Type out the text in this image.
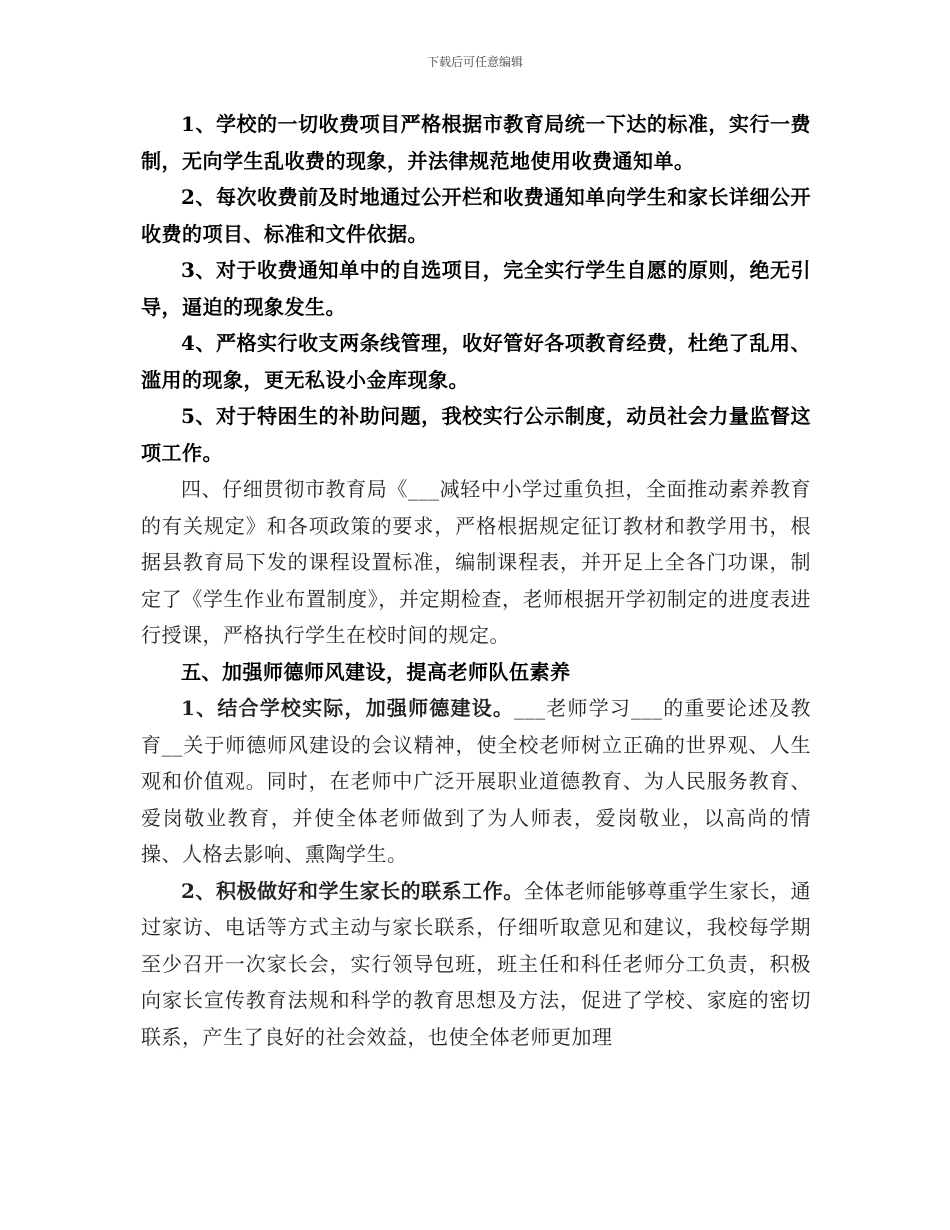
下载后可任意编辑

1、学校的一切收费项目严格根据市教育局统一下达的标准，实行一费制，无向学生乱收费的现象，并法律规范地使用收费通知单。

2、每次收费前及时地通过公开栏和收费通知单向学生和家长详细公开收费的项目、标准和文件依据。

3、对于收费通知单中的自选项目，完全实行学生自愿的原则，绝无引导，逼迫的现象发生。

4、严格实行收支两条线管理，收好管好各项教育经费，杜绝了乱用、滥用的现象，更无私设小金库现象。

5、对于特困生的补助问题，我校实行公示制度，动员社会力量监督这项工作。

四、仔细贯彻市教育局《___减轻中小学过重负担，全面推动素养教育的有关规定》和各项政策的要求，严格根据规定征订教材和教学用书，根据县教育局下发的课程设置标准，编制课程表，并开足上全各门功课，制定了《学生作业布置制度》，并定期检查，老师根据开学初制定的进度表进行授课，严格执行学生在校时间的规定。

五、加强师德师风建设，提高老师队伍素养

1、结合学校实际，加强师德建设。___老师学习___的重要论述及教育__关于师德师风建设的会议精神，使全校老师树立正确的世界观、人生观和价值观。同时，在老师中广泛开展职业道德教育、为人民服务教育、爱岗敬业教育，并使全体老师做到了为人师表，爱岗敬业，以高尚的情操、人格去影响、熏陶学生。

2、积极做好和学生家长的联系工作。全体老师能够尊重学生家长，通过家访、电话等方式主动与家长联系，仔细听取意见和建议，我校每学期至少召开一次家长会，实行领导包班，班主任和科任老师分工负责，积极向家长宣传教育法规和科学的教育思想及方法，促进了学校、家庭的密切联系，产生了良好的社会效益，也使全体老师更加理
